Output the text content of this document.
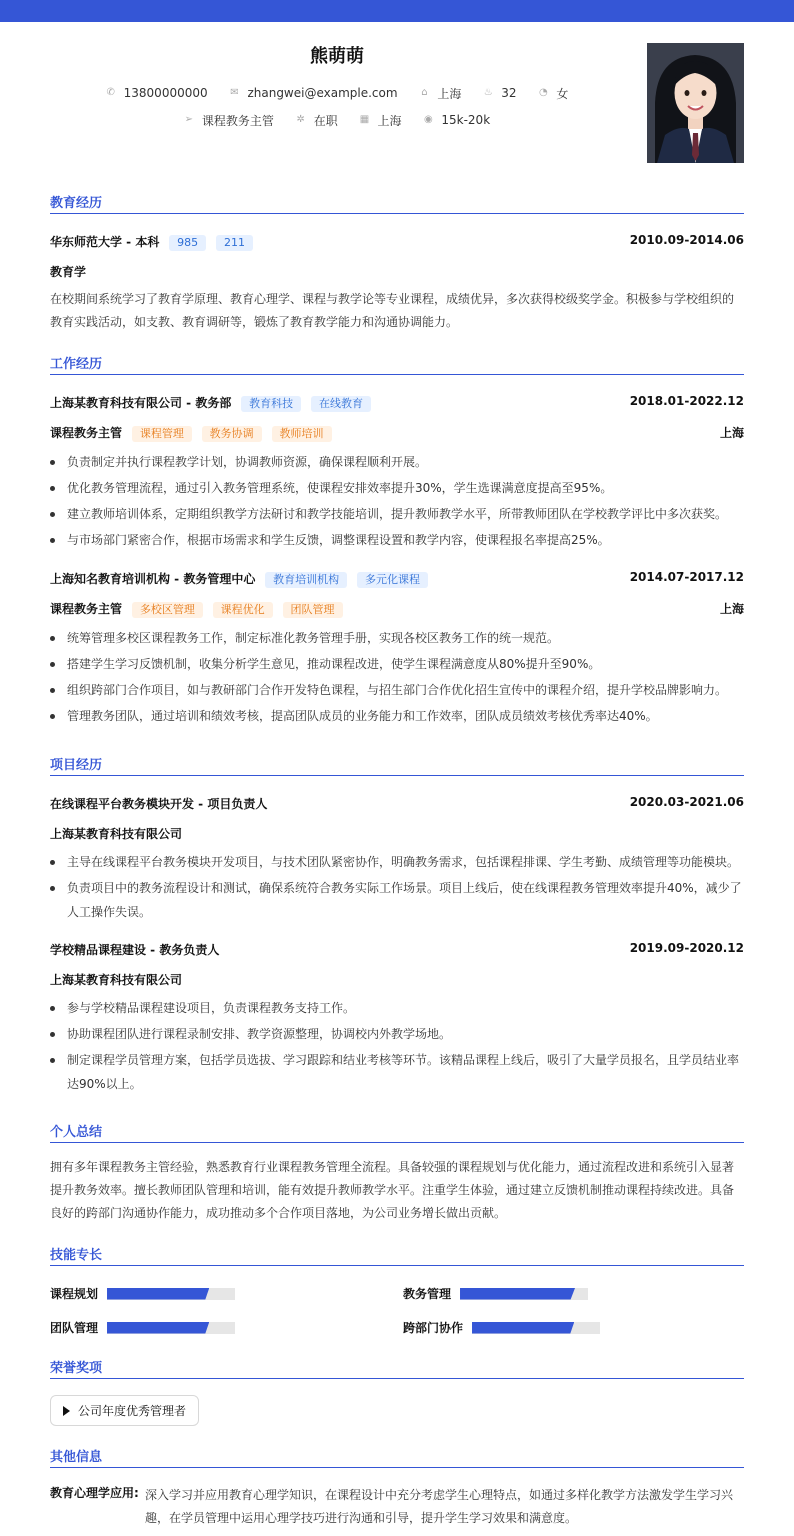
熊萌萌
✆ 13800000000
✉ zhangwei@example.com
⌂ 上海
♨ 32
◔ 女
➢ 课程教务主管
✲ 在职
▦ 上海
◉ 15k-20k
教育经历
华东师范大学 - 本科 985 211	2010.09-2014.06
教育学
在校期间系统学习了教育学原理、教育心理学、课程与教学论等专业课程，成绩优异，多次获得校级奖学金。积极参与学校组织的教育实践活动，如支教、教育调研等，锻炼了教育教学能力和沟通协调能力。
工作经历
上海某教育科技有限公司 - 教务部 教育科技 在线教育	2018.01-2022.12
课程教务主管 课程管理 教务协调 教师培训	上海
负责制定并执行课程教学计划，协调教师资源，确保课程顺利开展。
优化教务管理流程，通过引入教务管理系统，使课程安排效率提升30%，学生选课满意度提高至95%。
建立教师培训体系，定期组织教学方法研讨和教学技能培训，提升教师教学水平，所带教师团队在学校教学评比中多次获奖。
与市场部门紧密合作，根据市场需求和学生反馈，调整课程设置和教学内容，使课程报名率提高25%。
上海知名教育培训机构 - 教务管理中心 教育培训机构 多元化课程	2014.07-2017.12
课程教务主管 多校区管理 课程优化 团队管理	上海
统筹管理多校区课程教务工作，制定标准化教务管理手册，实现各校区教务工作的统一规范。
搭建学生学习反馈机制，收集分析学生意见，推动课程改进，使学生课程满意度从80%提升至90%。
组织跨部门合作项目，如与教研部门合作开发特色课程，与招生部门合作优化招生宣传中的课程介绍，提升学校品牌影响力。
管理教务团队，通过培训和绩效考核，提高团队成员的业务能力和工作效率，团队成员绩效考核优秀率达40%。
项目经历
在线课程平台教务模块开发 - 项目负责人	2020.03-2021.06
上海某教育科技有限公司
主导在线课程平台教务模块开发项目，与技术团队紧密协作，明确教务需求，包括课程排课、学生考勤、成绩管理等功能模块。
负责项目中的教务流程设计和测试，确保系统符合教务实际工作场景。项目上线后，使在线课程教务管理效率提升40%，减少了人工操作失误。
学校精品课程建设 - 教务负责人	2019.09-2020.12
上海某教育科技有限公司
参与学校精品课程建设项目，负责课程教务支持工作。
协助课程团队进行课程录制安排、教学资源整理，协调校内外教学场地。
制定课程学员管理方案，包括学员选拔、学习跟踪和结业考核等环节。该精品课程上线后，吸引了大量学员报名，且学员结业率达90%以上。
个人总结
拥有多年课程教务主管经验，熟悉教育行业课程教务管理全流程。具备较强的课程规划与优化能力，通过流程改进和系统引入显著提升教务效率。擅长教师团队管理和培训，能有效提升教师教学水平。注重学生体验，通过建立反馈机制推动课程持续改进。具备良好的跨部门沟通协作能力，成功推动多个合作项目落地，为公司业务增长做出贡献。
技能专长
课程规划	教务管理
团队管理	跨部门协作
荣誉奖项
公司年度优秀管理者
其他信息
教育心理学应用: 深入学习并应用教育心理学知识，在课程设计中充分考虑学生心理特点，如通过多样化教学方法激发学生学习兴趣，在学员管理中运用心理学技巧进行沟通和引导，提升学生学习效果和满意度。
